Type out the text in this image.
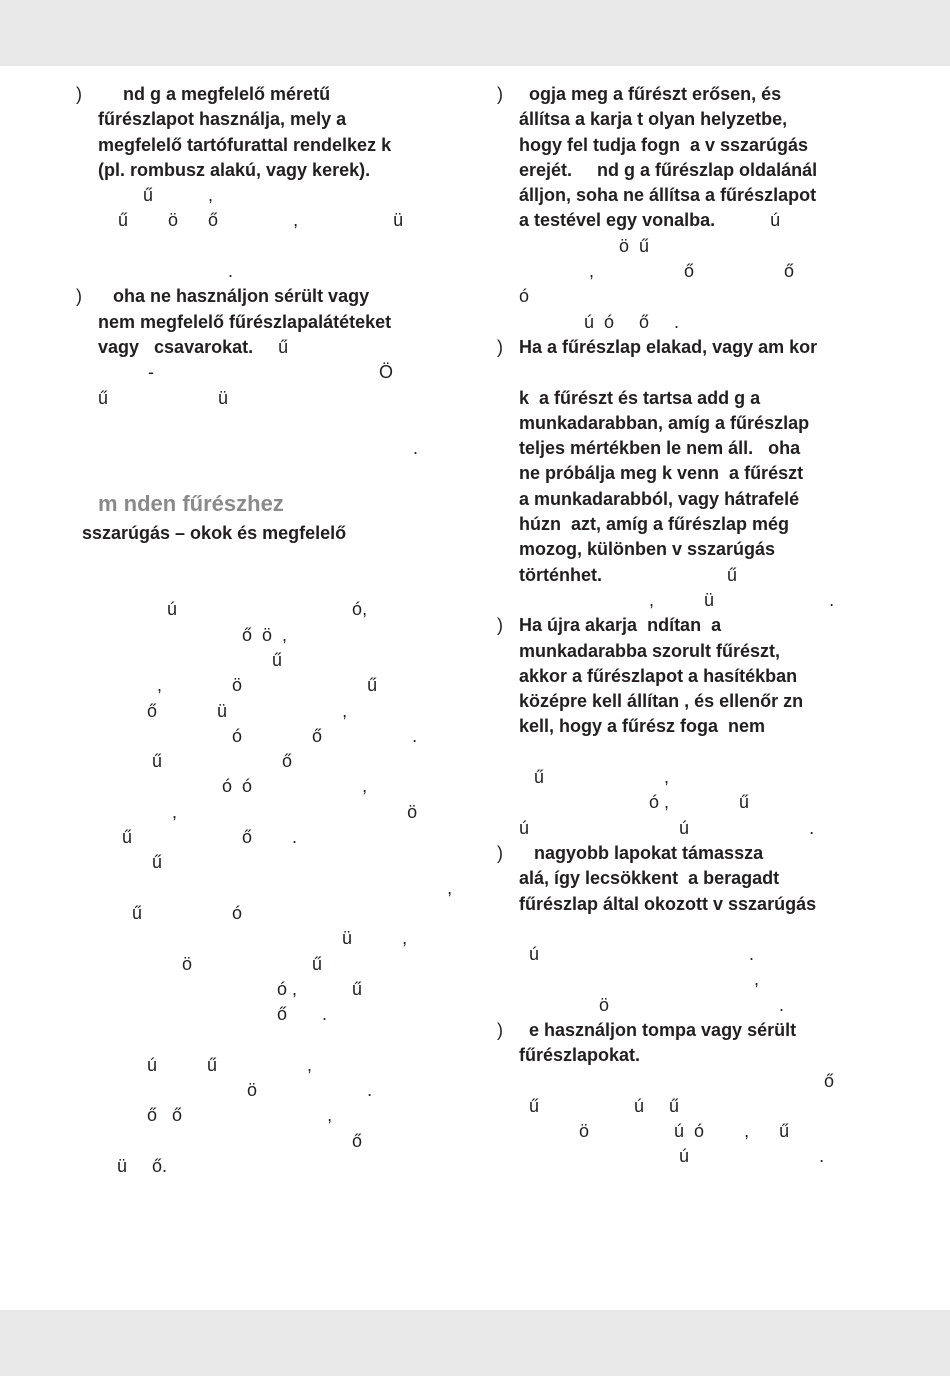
) nd g a megfelelő méretű

fűrészlapot használja, mely a

megfelelő tartófurattal rendelkez k

(pl. rombusz alakú, vagy kerek).

ű           ,

ű        ö      ő               ,                   ü

.

) oha ne használjon sérült vagy

nem megfelelő fűrészlapalátéteket

vagy   csavarokat.     ű

-                                             Ö

ű                      ü

.

m nden fűrészhez

sszarúgás – okok és megfelelő

ú                                   ó,

ő  ö  ,

ű

,              ö                         ű

ő            ü                       ,

ó              ő                  .

ű                        ő

ó  ó                      ,

,                                              ö

ű                      ő        .

ű

,

ű                  ó

ü          ,

ö                        ű

ó ,           ű

ő       .

ú          ű                  ,

ö                      .

ő   ő                             ,

ő

ü     ő.

) ogja meg a fűrészt erősen, és

állítsa a karja t olyan helyzetbe,

hogy fel tudja fogn  a v sszarúgás

erejét.     nd g a fűrészlap oldalánál

álljon, soha ne állítsa a fűrészlapot

a testével egy vonalba.           ú

ö  ű

,                  ő                  ő

ó

ú  ó     ő     .

) Ha a fűrészlap elakad, vagy am kor

k  a fűrészt és tartsa add g a

munkadarabban, amíg a fűrészlap

teljes mértékben le nem áll.   oha

ne próbálja meg k venn  a fűrészt

a munkadarabból, vagy hátrafelé

húzn  azt, amíg a fűrészlap még

mozog, különben v sszarúgás

történhet.                         ű

,          ü                       .

) Ha újra akarja  ndítan  a

munkadarabba szorult fűrészt,

akkor a fűrészlapot a hasítékban

középre kell állítan , és ellenőr zn

kell, hogy a fűrész foga  nem

ű                        ,

ó ,              ű

ú                              ú                        .

) nagyobb lapokat támassza

alá, így lecsökkent  a beragadt

fűrészlap által okozott v sszarúgás

ú                                          .

,

ö                                  .

) e használjon tompa vagy sérült

fűrészlapokat.

ő

ű                   ú     ű

ö                 ú  ó        ,      ű

ú                          .
